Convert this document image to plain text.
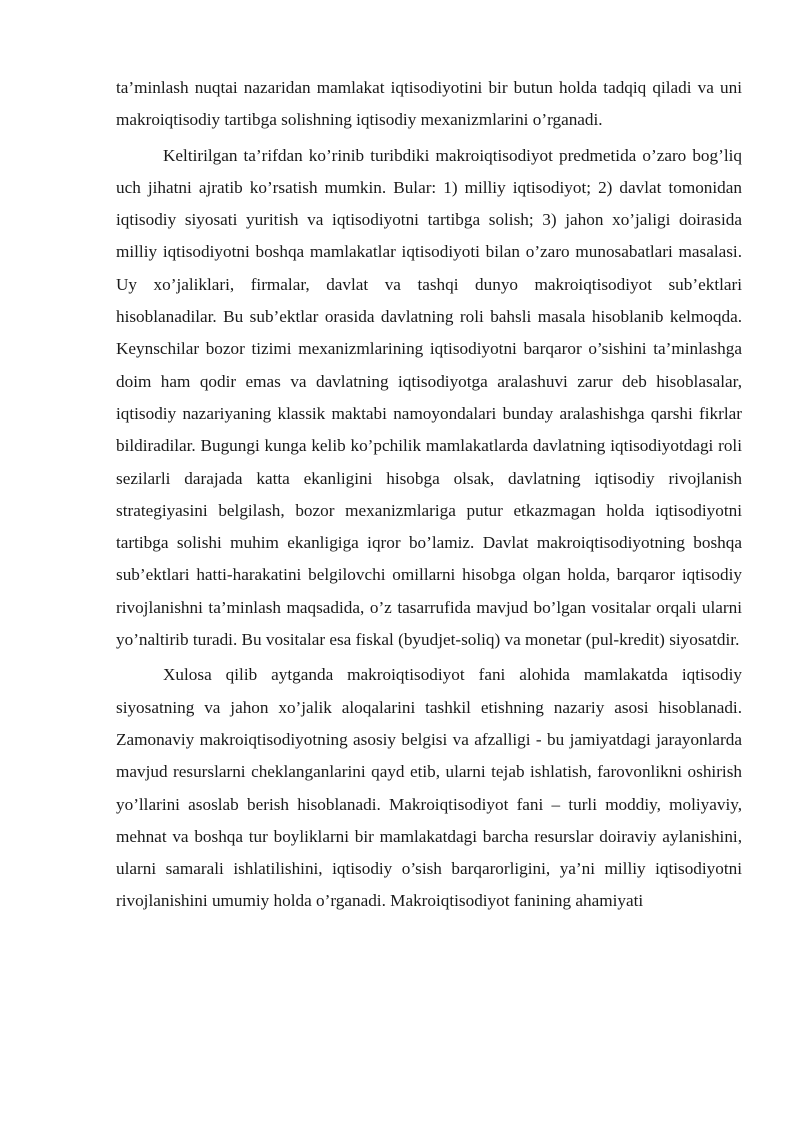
ta’minlash nuqtai nazaridan mamlakat iqtisodiyotini bir butun holda tadqiq qiladi va uni makroiqtisodiy tartibga solishning iqtisodiy mexanizmlarini o’rganadi.

Keltirilgan ta’rifdan ko’rinib turibdiki makroiqtisodiyot predmetida o’zaro bog’liq uch jihatni ajratib ko’rsatish mumkin. Bular: 1) milliy iqtisodiyot; 2) davlat tomonidan iqtisodiy siyosati yuritish va iqtisodiyotni tartibga solish; 3) jahon xo’jaligi doirasida milliy iqtisodiyotni boshqa mamlakatlar iqtisodiyoti bilan o’zaro munosabatlari masalasi. Uy xo’jaliklari, firmalar, davlat va tashqi dunyo makroiqtisodiyot sub’ektlari hisoblanadilar. Bu sub’ektlar orasida davlatning roli bahsli masala hisoblanib kelmoqda. Keynschilar bozor tizimi mexanizmlarining iqtisodiyotni barqaror o’sishini ta’minlashga doim ham qodir emas va davlatning iqtisodiyotga aralashuvi zarur deb hisoblasalar, iqtisodiy nazariyaning klassik maktabi namoyondalari bunday aralashishga qarshi fikrlar bildiradilar. Bugungi kunga kelib ko’pchilik mamlakatlarda davlatning iqtisodiyotdagi roli sezilarli darajada katta ekanligini hisobga olsak, davlatning iqtisodiy rivojlanish strategiyasini belgilash, bozor mexanizmlariga putur etkazmagan holda iqtisodiyotni tartibga solishi muhim ekanligiga iqror bo’lamiz. Davlat makroiqtisodiyotning boshqa sub’ektlari hatti-harakatini belgilovchi omillarni hisobga olgan holda, barqaror iqtisodiy rivojlanishni ta’minlash maqsadida, o’z tasarrufida mavjud bo’lgan vositalar orqali ularni yo’naltirib turadi. Bu vositalar esa fiskal (byudjet-soliq) va monetar (pul-kredit) siyosatdir.

Xulosa qilib aytganda makroiqtisodiyot fani alohida mamlakatda iqtisodiy siyosatning va jahon xo’jalik aloqalarini tashkil etishning nazariy asosi hisoblanadi. Zamonaviy makroiqtisodiyotning asosiy belgisi va afzalligi - bu jamiyatdagi jarayonlarda mavjud resurslarni cheklanganlarini qayd etib, ularni tejab ishlatish, farovonlikni oshirish yo’llarini asoslab berish hisoblanadi. Makroiqtisodiyot fani – turli moddiy, moliyaviy, mehnat va boshqa tur boyliklarni bir mamlakatdagi barcha resurslar doiraviy aylanishini, ularni samarali ishlatilishini, iqtisodiy o’sish barqarorligini, ya’ni milliy iqtisodiyotni rivojlanishini umumiy holda o’rganadi. Makroiqtisodiyot fanining ahamiyati
